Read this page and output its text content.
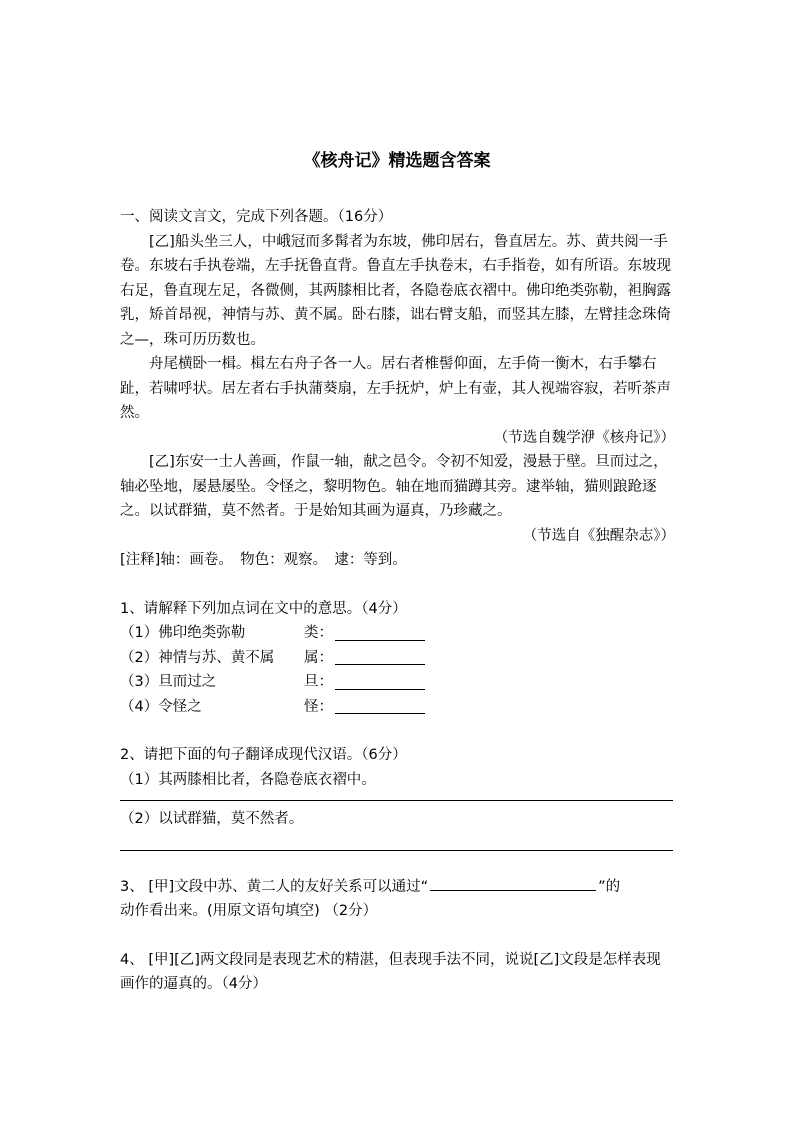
《核舟记》精选题含答案

一、阅读文言文，完成下列各题。（16分）

[乙]船头坐三人，中峨冠而多髯者为东坡，佛印居右，鲁直居左。苏、黄共阅一手卷。东坡右手执卷端，左手抚鲁直背。鲁直左手执卷末，右手指卷，如有所语。东坡现右足，鲁直现左足，各微侧，其两膝相比者，各隐卷底衣褶中。佛印绝类弥勒，袒胸露乳，矫首昂视，神情与苏、黄不属。卧右膝，诎右臂支船，而竖其左膝，左臂挂念珠倚之—，珠可历历数也。

舟尾横卧一楫。楫左右舟子各一人。居右者椎髻仰面，左手倚一衡木，右手攀右趾，若啸呼状。居左者右手执蒲葵扇，左手抚炉，炉上有壶，其人视端容寂，若听茶声然。

（节选自魏学洢《核舟记》）

[乙]东安一士人善画，作鼠一轴，献之邑令。令初不知爱，漫悬于壁。旦而过之，轴必坠地，屡悬屡坠。令怪之，黎明物色。轴在地而猫蹲其旁。逮举轴，猫则踉跄逐之。以试群猫，莫不然者。于是始知其画为逼真，乃珍藏之。

（节选自《独醒杂志》）

[注释]轴：画卷。　物色：观察。　逮：等到。

1、请解释下列加点词在文中的意思。（4分）

（1）佛印绝类弥勒	类：
（2）神情与苏、黄不属	属：
（3）旦而过之	旦：
（4）令怪之	怪：

2、请把下面的句子翻译成现代汉语。（6分）

（1）其两膝相比者，各隐卷底衣褶中。

（2）以试群猫，莫不然者。

3、 [甲]文段中苏、黄二人的友好关系可以通过“	”的

动作看出来。(用原文语句填空) （2分）

4、 [甲][乙]两文段同是表现艺术的精湛，但表现手法不同，说说[乙]文段是怎样表现画作的逼真的。（4分）
